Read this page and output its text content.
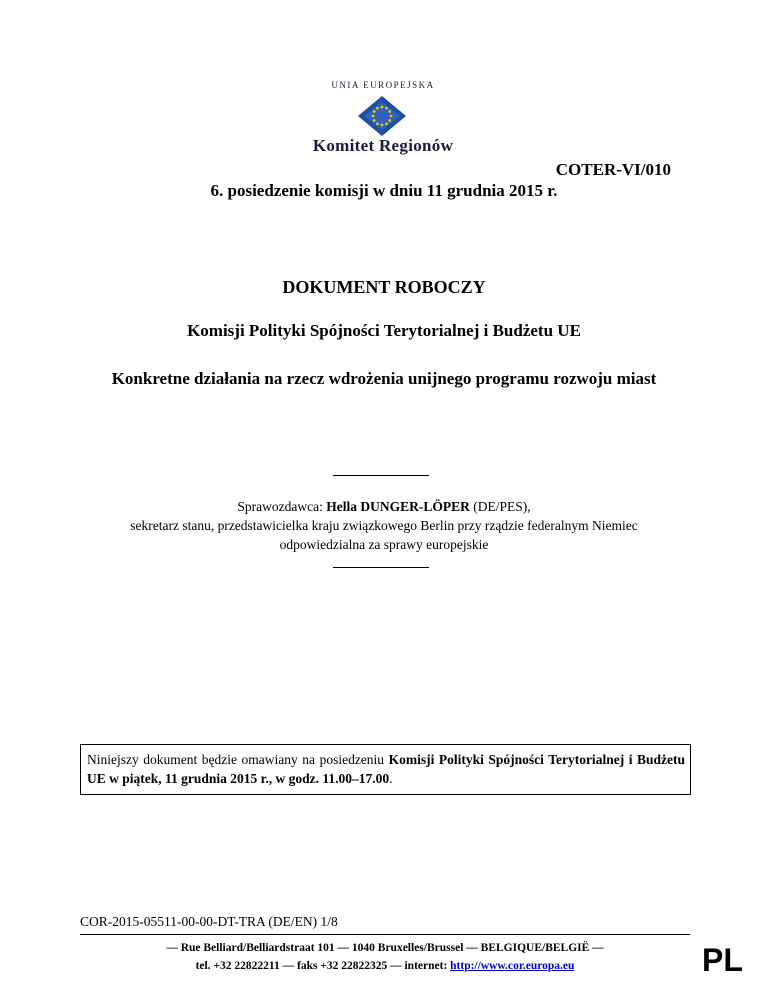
UNIA EUROPEJSKA
Komitet Regionów
COTER-VI/010
6. posiedzenie komisji w dniu 11 grudnia 2015 r.
DOKUMENT ROBOCZY
Komisji Polityki Spójności Terytorialnej i Budżetu UE
Konkretne działania na rzecz wdrożenia unijnego programu rozwoju miast
Sprawozdawca: Hella DUNGER-LÖPER (DE/PES),
sekretarz stanu, przedstawicielka kraju związkowego Berlin przy rządzie federalnym Niemiec
odpowiedzialna za sprawy europejskie
Niniejszy dokument będzie omawiany na posiedzeniu Komisji Polityki Spójności Terytorialnej i Budżetu UE w piątek, 11 grudnia 2015 r., w godz. 11.00–17.00.
COR-2015-05511-00-00-DT-TRA (DE/EN) 1/8
— Rue Belliard/Belliardstraat 101 — 1040 Bruxelles/Brussel — BELGIQUE/BELGIË —
tel. +32 22822211 — faks +32 22822325 — internet: http://www.cor.europa.eu	PL
